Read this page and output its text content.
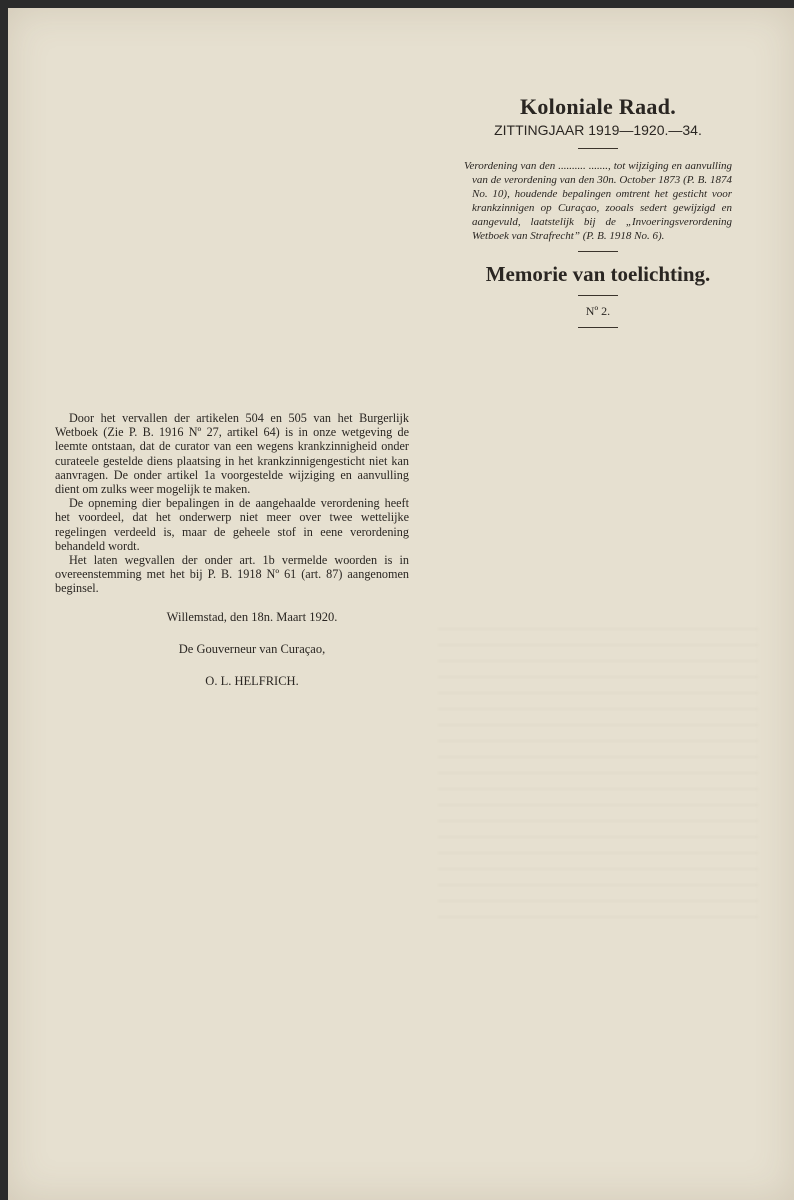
Koloniale Raad.
ZITTINGJAAR 1919—1920.—34.
Verordening van den .......... ......., tot wijziging en aanvulling van de verordening van den 30n. October 1873 (P. B. 1874 No. 10), houdende bepalingen omtrent het gesticht voor krankzinnigen op Curaçao, zooals sedert gewijzigd en aangevuld, laatstelijk bij de „Invoeringsverordening Wetboek van Strafrecht” (P. B. 1918 No. 6).
Memorie van toelichting.
Nº 2.

Door het vervallen der artikelen 504 en 505 van het Burgerlijk Wetboek (Zie P. B. 1916 Nº 27, artikel 64) is in onze wetgeving de leemte ontstaan, dat de curator van een wegens krankzinnigheid onder curateele gestelde diens plaatsing in het krankzinnigengesticht niet kan aanvragen. De onder artikel 1a voorgestelde wijziging en aanvulling dient om zulks weer mogelijk te maken.

De opneming dier bepalingen in de aangehaalde verordening heeft het voordeel, dat het onderwerp niet meer over twee wettelijke regelingen verdeeld is, maar de geheele stof in eene verordening behandeld wordt.

Het laten wegvallen der onder art. 1b vermelde woorden is in overeenstemming met het bij P. B. 1918 Nº 61 (art. 87) aangenomen beginsel.

Willemstad, den 18n. Maart 1920.
De Gouverneur van Curaçao,
O. L. HELFRICH.
